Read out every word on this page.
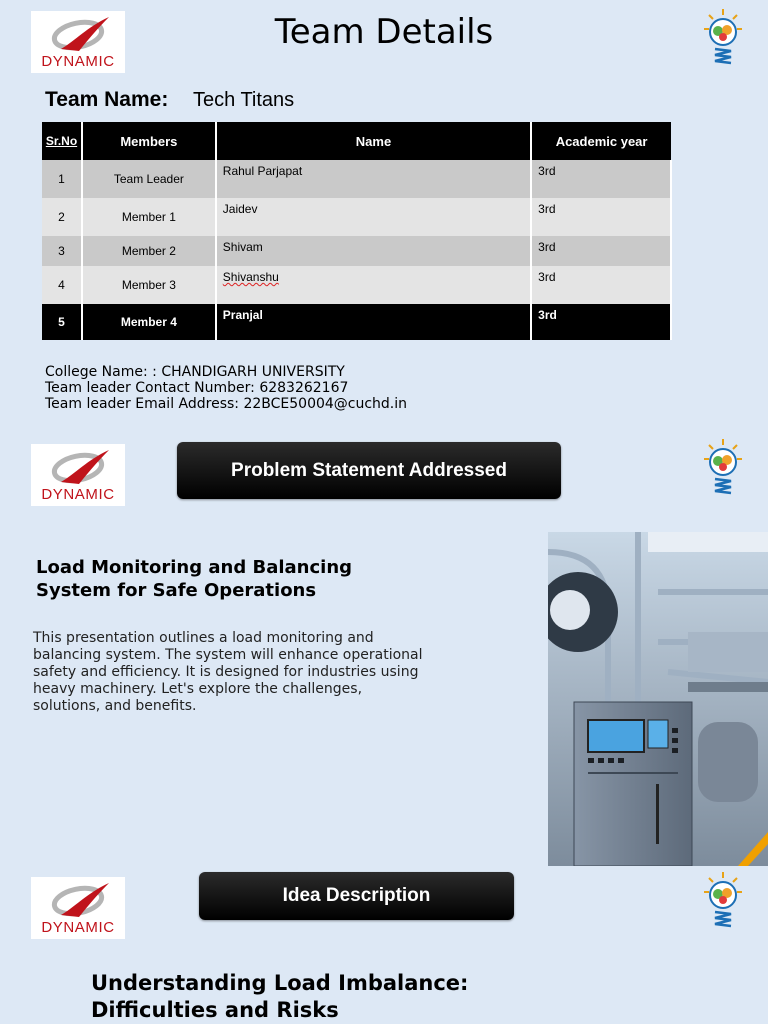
DYNAMIC
Team Details
Team Name: Tech Titans
Sr.No	Members	Name	Academic year
1	Team Leader	Rahul Parjapat	3rd
2	Member 1	Jaidev	3rd
3	Member 2	Shivam	3rd
4	Member 3	Shivanshu	3rd
5	Member 4	Pranjal	3rd
College Name: : CHANDIGARH UNIVERSITY
Team leader Contact Number: 6283262167
Team leader Email Address: 22BCE50004@cuchd.in
DYNAMIC
Problem Statement Addressed
Load Monitoring and Balancing System for Safe Operations
This presentation outlines a load monitoring and balancing system. The system will enhance operational safety and efficiency. It is designed for industries using heavy machinery. Let's explore the challenges, solutions, and benefits.
DYNAMIC
Idea Description
Understanding Load Imbalance: Difficulties and Risks
